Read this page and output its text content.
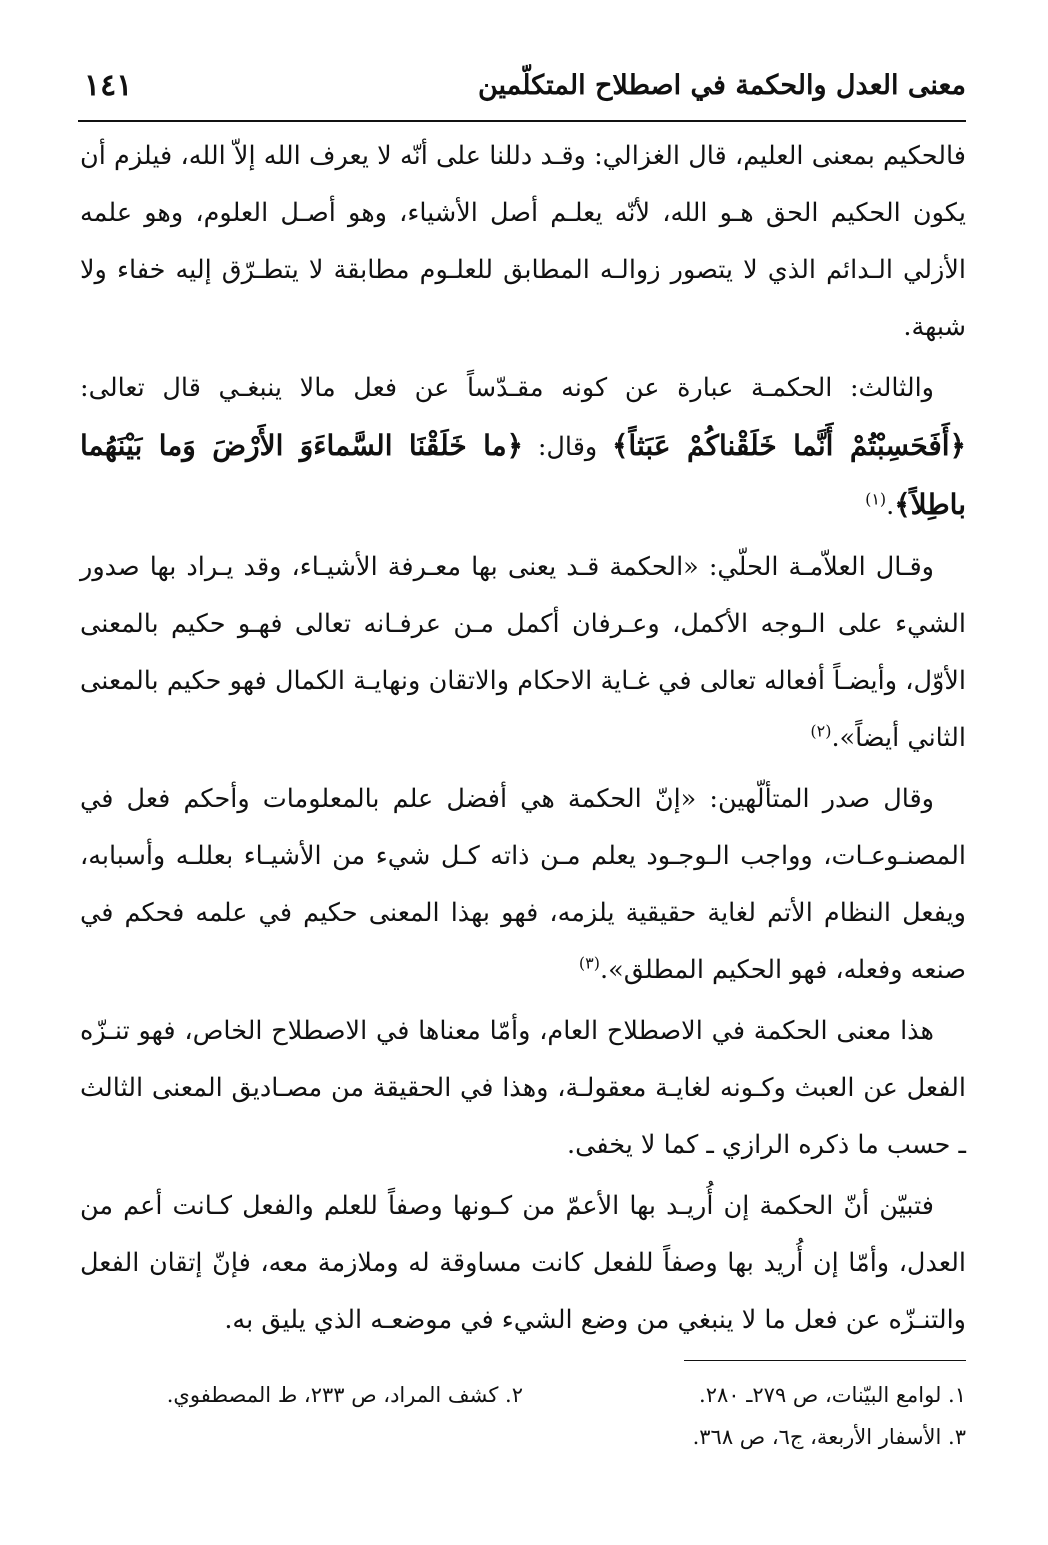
معنى العدل والحكمة في اصطلاح المتكلّمين
١٤١

فالحكيم بمعنى العليم، قال الغزالي: وقـد دللنا على أنّه لا يعرف الله إلاّ الله، فيلزم أن يكون الحكيم الحق هـو الله، لأنّه يعلـم أصل الأشياء، وهو أصـل العلوم، وهو علمه الأزلي الـدائم الذي لا يتصور زوالـه المطابق للعلـوم مطابقة لا يتطـرّق إليه خفاء ولا شبهة.

والثالث: الحكمـة عبارة عن كونه مقـدّساً عن فعل مالا ينبغـي قال تعالى: ﴿أَفَحَسِبْتُمْ أَنَّما خَلَقْناكُمْ عَبَثاً﴾ وقال: ﴿ما خَلَقْنَا السَّماءَوَ الأَرْضَ وَما بَيْنَهُما باطِلاً﴾.$^{(١)}$

وقـال العلاّمـة الحلّي: «الحكمة قـد يعنى بها معـرفة الأشيـاء، وقد يـراد بها صدور الشيء على الـوجه الأكمل، وعـرفان أكمل مـن عرفـانه تعالى فهـو حكيم بالمعنى الأوّل، وأيضـاً أفعاله تعالى في غـاية الاحكام والاتقان ونهايـة الكمال فهو حكيم بالمعنى الثاني أيضاً».$^{(٢)}$

وقال صدر المتألّهين: «إنّ الحكمة هي أفضل علم بالمعلومات وأحكم فعل في المصنـوعـات، وواجب الـوجـود يعلم مـن ذاته كـل شيء من الأشيـاء بعللـه وأسبابه، ويفعل النظام الأتم لغاية حقيقية يلزمه، فهو بهذا المعنى حكيم في علمه فحكم في صنعه وفعله، فهو الحكيم المطلق».$^{(٣)}$

هذا معنى الحكمة في الاصطلاح العام، وأمّا معناها في الاصطلاح الخاص، فهو تنـزّه الفعل عن العبث وكـونه لغايـة معقولـة، وهذا في الحقيقة من مصـاديق المعنى الثالث ـ حسب ما ذكره الرازي ـ كما لا يخفى.

فتبيّن أنّ الحكمة إن أُريـد بها الأعمّ من كـونها وصفاً للعلم والفعل كـانت أعم من العدل، وأمّا إن أُريد بها وصفاً للفعل كانت مساوقة له وملازمة معه، فإنّ إتقان الفعل والتنـزّه عن فعل ما لا ينبغي من وضع الشيء في موضعـه الذي يليق به.

١. لوامع البيّنات، ص ٢٧٩ـ ٢٨٠.
٢. كشف المراد، ص ٢٣٣، ط المصطفوي.
٣. الأسفار الأربعة، ج٦، ص ٣٦٨.
